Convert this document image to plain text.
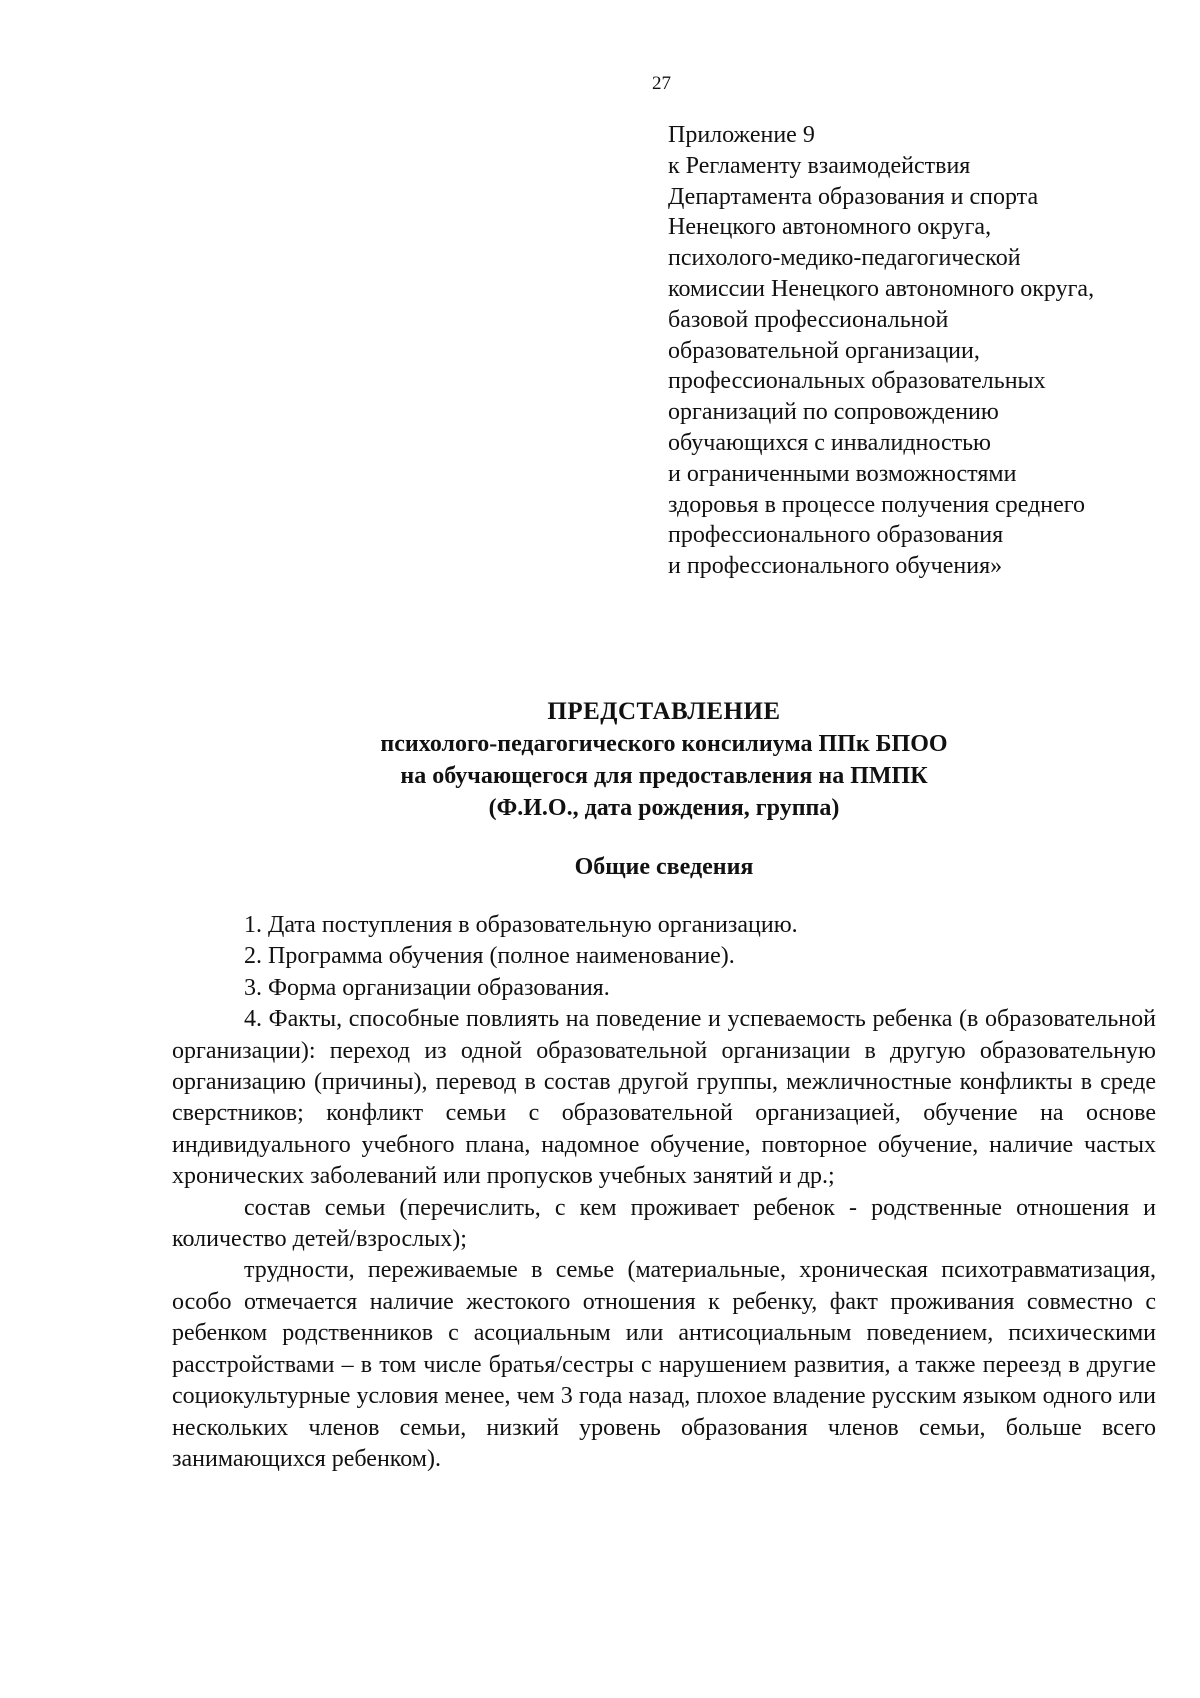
27
Приложение 9
к Регламенту взаимодействия
Департамента образования и спорта
Ненецкого автономного округа,
психолого-медико-педагогической
комиссии Ненецкого автономного округа,
базовой профессиональной
образовательной организации,
профессиональных образовательных
организаций по сопровождению
обучающихся с инвалидностью
и ограниченными возможностями
здоровья в процессе получения среднего
профессионального образования
и профессионального обучения»
ПРЕДСТАВЛЕНИЕ
психолого-педагогического консилиума ППк БПОО
на обучающегося для предоставления на ПМПК
(Ф.И.О., дата рождения, группа)
Общие сведения

1. Дата поступления в образовательную организацию.

2. Программа обучения (полное наименование).

3. Форма организации образования.

4. Факты, способные повлиять на поведение и успеваемость ребенка (в образовательной организации): переход из одной образовательной организации в другую образовательную организацию (причины), перевод в состав другой группы, межличностные конфликты в среде сверстников; конфликт семьи с образовательной организацией, обучение на основе индивидуального учебного плана, надомное обучение, повторное обучение, наличие частых хронических заболеваний или пропусков учебных занятий и др.;

состав семьи (перечислить, с кем проживает ребенок - родственные отношения и количество детей/взрослых);

трудности, переживаемые в семье (материальные, хроническая психотравматизация, особо отмечается наличие жестокого отношения к ребенку, факт проживания совместно с ребенком родственников с асоциальным или антисоциальным поведением, психическими расстройствами – в том числе братья/сестры с нарушением развития, а также переезд в другие социокультурные условия менее, чем 3 года назад, плохое владение русским языком одного или нескольких членов семьи, низкий уровень образования членов семьи, больше всего занимающихся ребенком).
